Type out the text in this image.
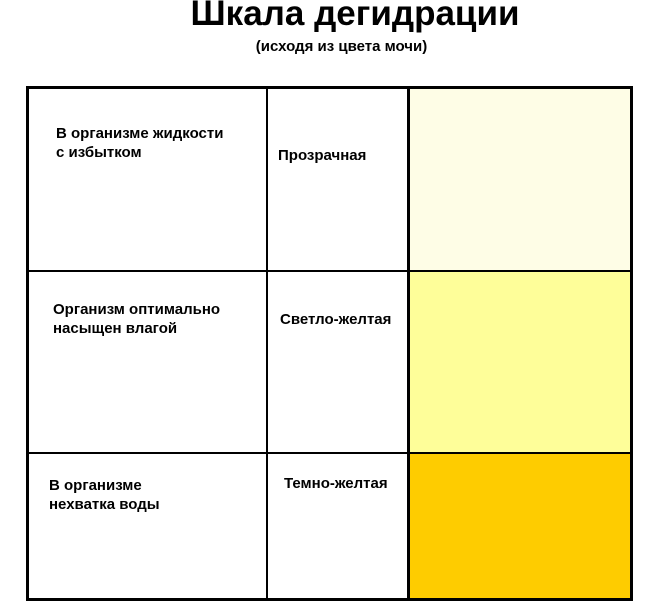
Шкала дегидрации
(исходя из цвета мочи)
В организме жидкости
с избытком	Прозрачная
Организм оптимально
насыщен влагой
Светло-желтая
В организме
нехватка воды
Темно-желтая
